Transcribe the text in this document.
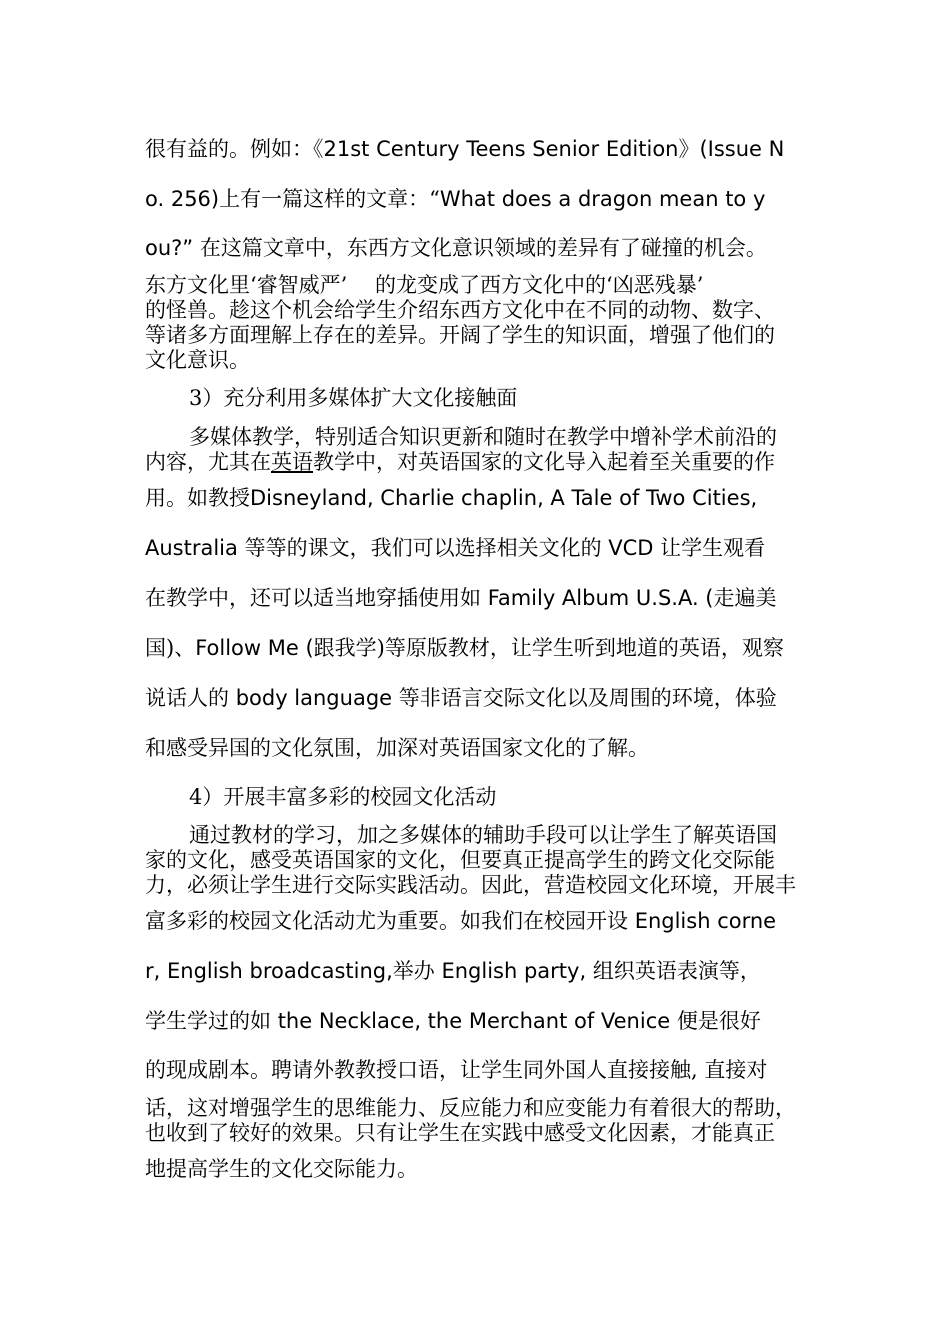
很有益的。例如：《21st Century Teens Senior Edition》(Issue N
o. 256)上有一篇这样的文章：“What does a dragon mean to y
ou?” 在这篇文章中，东西方文化意识领域的差异有了碰撞的机会。
东方文化里‘睿智威严’　 的龙变成了西方文化中的‘凶恶残暴’
的怪兽。趁这个机会给学生介绍东西方文化中在不同的动物、数字、
等诸多方面理解上存在的差异。开阔了学生的知识面，增强了他们的
文化意识。
3）充分利用多媒体扩大文化接触面
多媒体教学，特别适合知识更新和随时在教学中增补学术前沿的
内容，尤其在英语教学中，对英语国家的文化导入起着至关重要的作
用。如教授Disneyland, Charlie chaplin, A Tale of Two Cities,
Australia 等等的课文，我们可以选择相关文化的 VCD 让学生观看
在教学中，还可以适当地穿插使用如 Family Album U.S.A. (走遍美
国)、Follow Me (跟我学)等原版教材，让学生听到地道的英语，观察
说话人的 body language 等非语言交际文化以及周围的环境，体验
和感受异国的文化氛围，加深对英语国家文化的了解。
4）开展丰富多彩的校园文化活动
通过教材的学习，加之多媒体的辅助手段可以让学生了解英语国
家的文化，感受英语国家的文化，但要真正提高学生的跨文化交际能
力，必须让学生进行交际实践活动。因此，营造校园文化环境，开展丰
富多彩的校园文化活动尤为重要。如我们在校园开设 English corne
r, English broadcasting,举办 English party, 组织英语表演等，
学生学过的如 the Necklace, the Merchant of Venice 便是很好
的现成剧本。聘请外教教授口语，让学生同外国人直接接触, 直接对
话，这对增强学生的思维能力、反应能力和应变能力有着很大的帮助，
也收到了较好的效果。只有让学生在实践中感受文化因素，才能真正
地提高学生的文化交际能力。
